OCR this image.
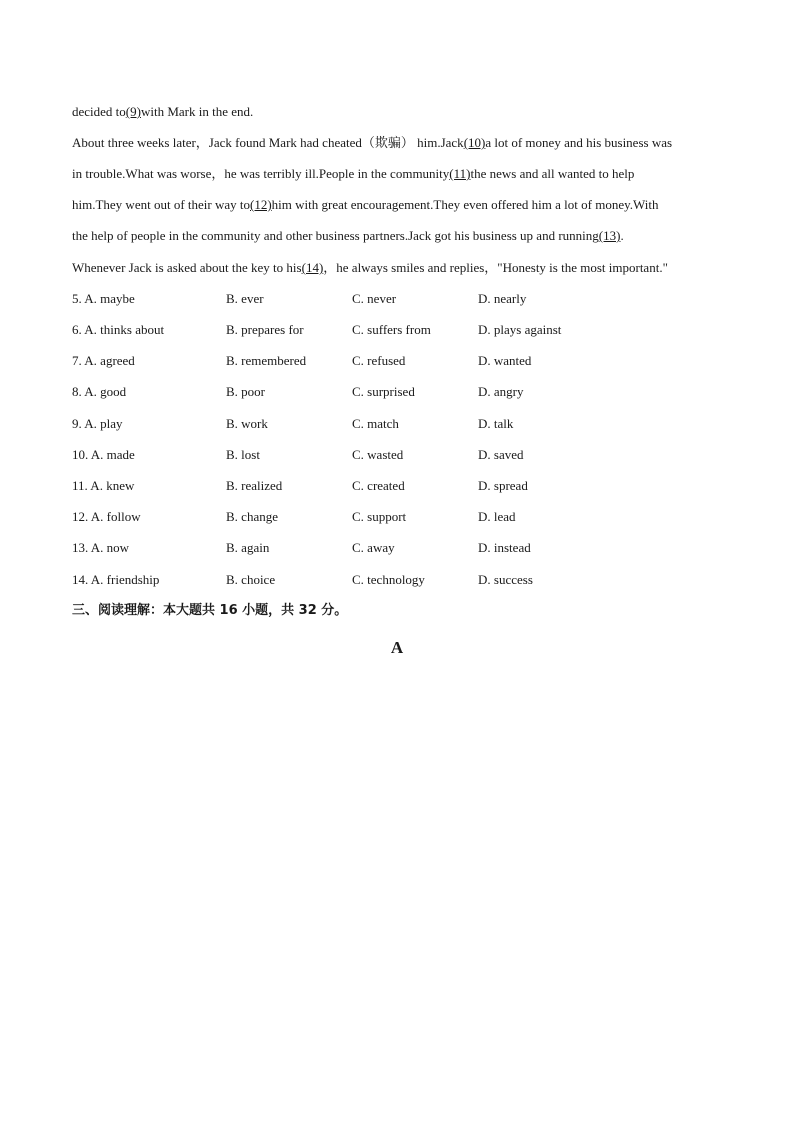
decided to(9)with Mark in the end.
About three weeks later，Jack found Mark had cheated（欺骗） him.Jack(10)a lot of money and his business was
in trouble.What was worse，he was terribly ill.People in the community(11)the news and all wanted to help
him.They went out of their way to(12)him with great encouragement.They even offered him a lot of money.With
the help of people in the community and other business partners.Jack got his business up and running(13).
Whenever Jack is asked about the key to his(14)，he always smiles and replies，"Honesty is the most important."
5. A. maybe	B. ever	C. never	D. nearly
6. A. thinks about	B. prepares for	C. suffers from	D. plays against
7. A. agreed	B. remembered	C. refused	D. wanted
8. A. good	B. poor	C. surprised	D. angry
9. A. play	B. work	C. match	D. talk
10. A. made	B. lost	C. wasted	D. saved
11. A. knew	B. realized	C. created	D. spread
12. A. follow	B. change	C. support	D. lead
13. A. now	B. again	C. away	D. instead
14. A. friendship	B. choice	C. technology	D. success
三、阅读理解：本大题共 16 小题，共 32 分。
A
